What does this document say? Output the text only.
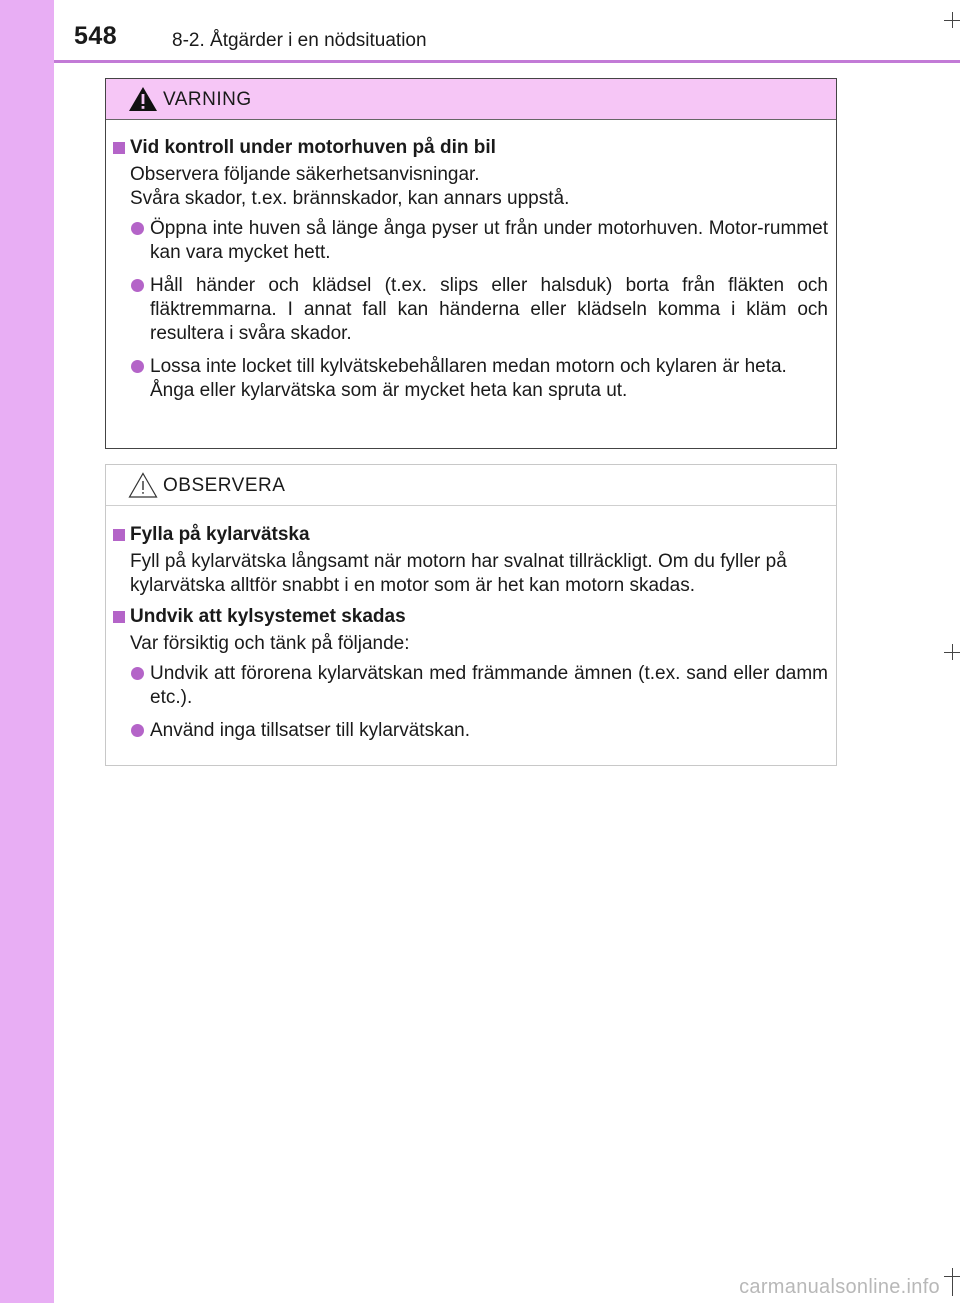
548	8-2. Åtgärder i en nödsituation
VARNING
Vid kontroll under motorhuven på din bil
Observera följande säkerhetsanvisningar.
Svåra skador, t.ex. brännskador, kan annars uppstå.
Öppna inte huven så länge ånga pyser ut från under motorhuven. Motor-rummet kan vara mycket hett.
Håll händer och klädsel (t.ex. slips eller halsduk) borta från fläkten och fläktremmarna. I annat fall kan händerna eller klädseln komma i kläm och resultera i svåra skador.
Lossa inte locket till kylvätskebehållaren medan motorn och kylaren är heta.
Ånga eller kylarvätska som är mycket heta kan spruta ut.
OBSERVERA
Fylla på kylarvätska
Fyll på kylarvätska långsamt när motorn har svalnat tillräckligt. Om du fyller på kylarvätska alltför snabbt i en motor som är het kan motorn skadas.
Undvik att kylsystemet skadas
Var försiktig och tänk på följande:
Undvik att förorena kylarvätskan med främmande ämnen (t.ex. sand eller damm etc.).
Använd inga tillsatser till kylarvätskan.
carmanualsonline.info
